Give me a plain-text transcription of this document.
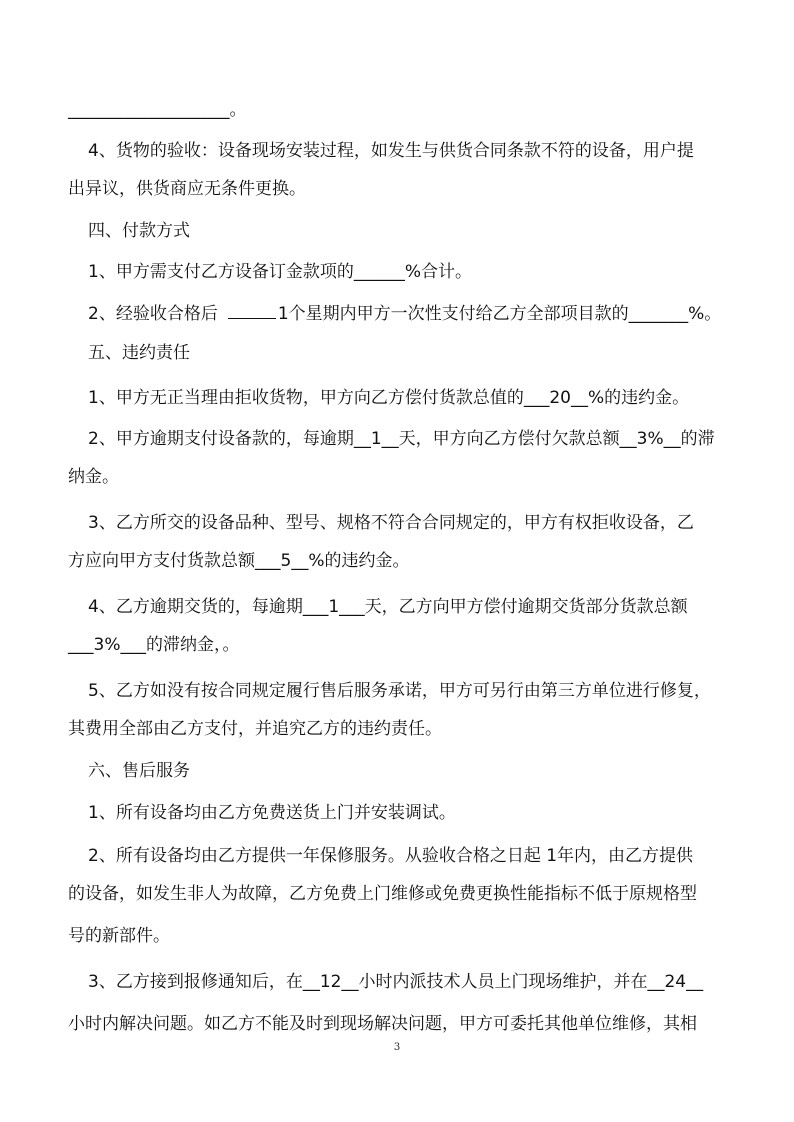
___________________。
4、货物的验收：设备现场安装过程，如发生与供货合同条款不符的设备，用户提
出异议，供货商应无条件更换。
四、付款方式
1、甲方需支付乙方设备订金款项的______%合计。
2、经验收合格后	1个星期内甲方一次性支付给乙方全部项目款的_______%。
五、违约责任
1、甲方无正当理由拒收货物，甲方向乙方偿付货款总值的___20__%的违约金。
2、甲方逾期支付设备款的，每逾期__1__天，甲方向乙方偿付欠款总额__3%__的滞
纳金。
3、乙方所交的设备品种、型号、规格不符合合同规定的，甲方有权拒收设备，乙
方应向甲方支付货款总额___5__%的违约金。
4、乙方逾期交货的，每逾期___1___天，乙方向甲方偿付逾期交货部分货款总额
___3%___的滞纳金，。
5、乙方如没有按合同规定履行售后服务承诺，甲方可另行由第三方单位进行修复，
其费用全部由乙方支付，并追究乙方的违约责任。
六、售后服务
1、所有设备均由乙方免费送货上门并安装调试。
2、所有设备均由乙方提供一年保修服务。从验收合格之日起 1年内，由乙方提供
的设备，如发生非人为故障，乙方免费上门维修或免费更换性能指标不低于原规格型
号的新部件。
3、乙方接到报修通知后，在__12__小时内派技术人员上门现场维护，并在__24__
小时内解决问题。如乙方不能及时到现场解决问题，甲方可委托其他单位维修，其相
3
